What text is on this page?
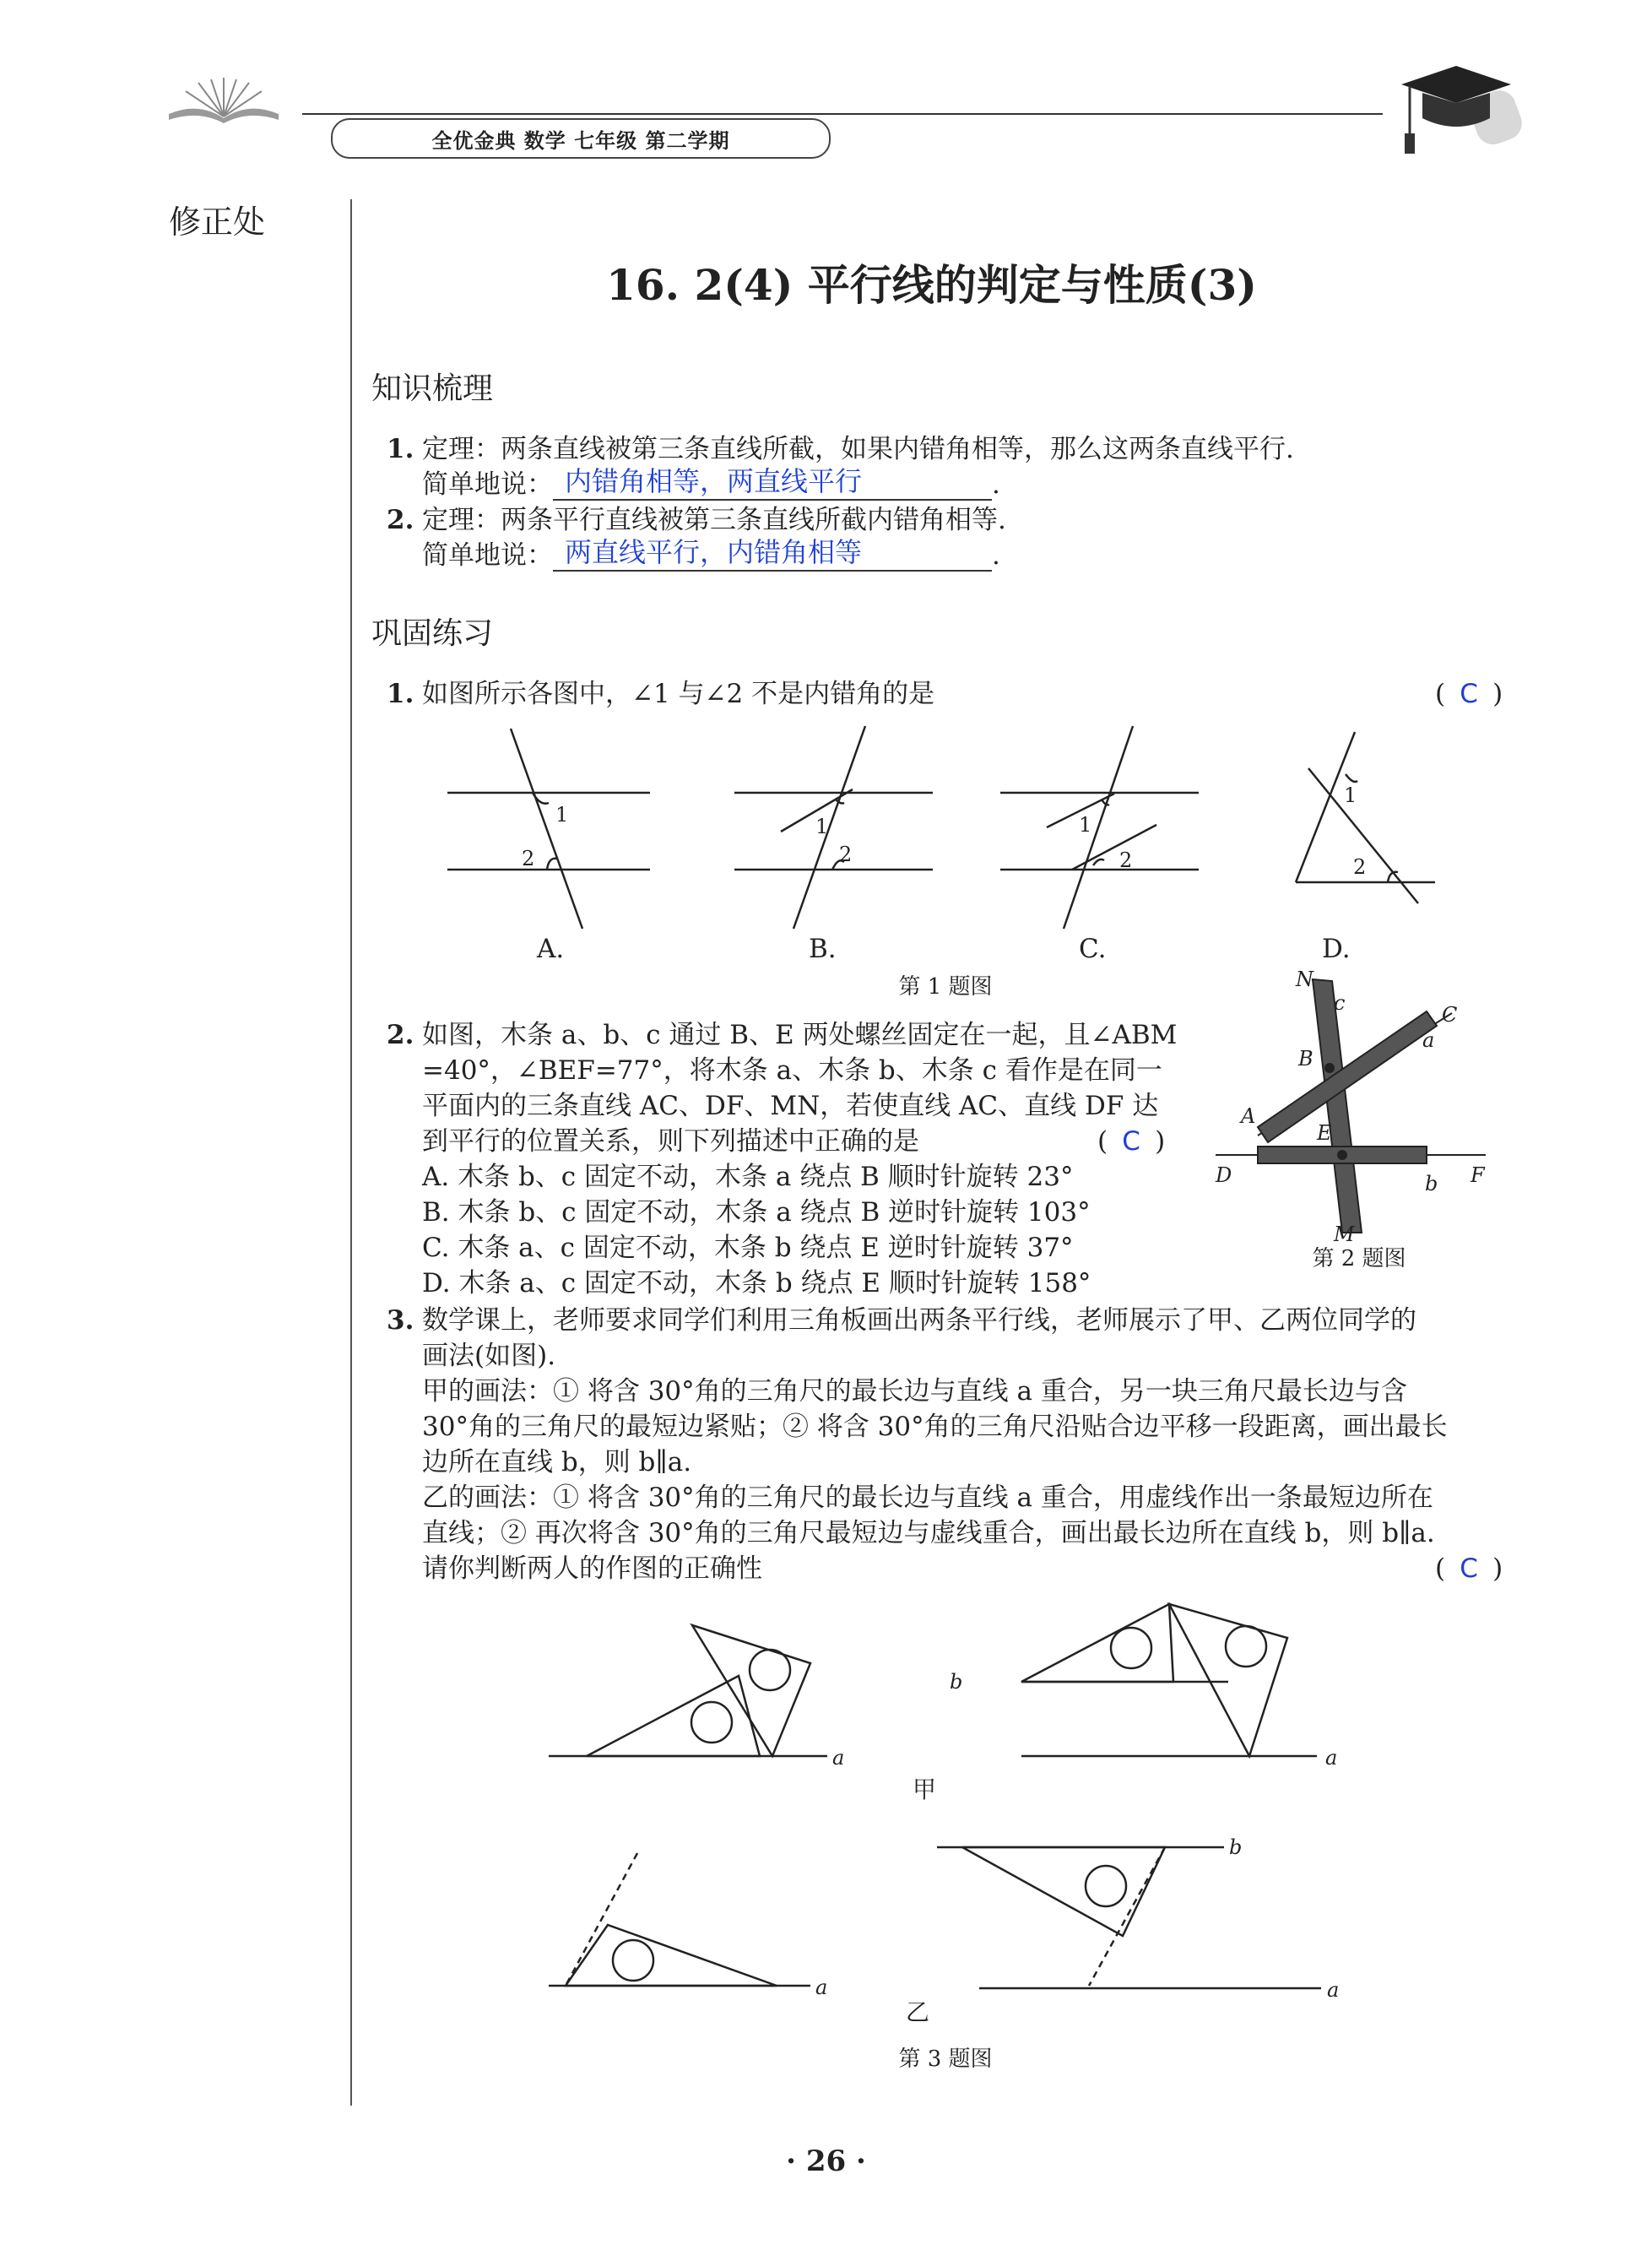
全优金典 数学 七年级 第二学期
修正处
16. 2(4) 平行线的判定与性质(3)
知识梳理
1. 定理：两条直线被第三条直线所截，如果内错角相等，那么这两条直线平行.
简单地说： 内错角相等，两直线平行	.
2. 定理：两条平行直线被第三条直线所截内错角相等.
简单地说： 两直线平行，内错角相等	.
巩固练习
1. 如图所示各图中，∠1 与∠2 不是内错角的是	( C )
1
2
1
2
1
2
1
2
A.	B.	C.	D.
第 1 题图
2. 如图，木条 a、b、c 通过 B、E 两处螺丝固定在一起，且∠ABM
=40°，∠BEF=77°，将木条 a、木条 b、木条 c 看作是在同一
平面内的三条直线 AC、DF、MN，若使直线 AC、直线 DF 达
到平行的位置关系，则下列描述中正确的是	( C )
A. 木条 b、c 固定不动，木条 a 绕点 B 顺时针旋转 23°
B. 木条 b、c 固定不动，木条 a 绕点 B 逆时针旋转 103°
C. 木条 a、c 固定不动，木条 b 绕点 E 逆时针旋转 37°
D. 木条 a、c 固定不动，木条 b 绕点 E 顺时针旋转 158°
N
c	C
B
a
A
E
D	F
b
M
第 2 题图
3. 数学课上，老师要求同学们利用三角板画出两条平行线，老师展示了甲、乙两位同学的
画法(如图).
甲的画法：① 将含 30°角的三角尺的最长边与直线 a 重合，另一块三角尺最长边与含
30°角的三角尺的最短边紧贴；② 将含 30°角的三角尺沿贴合边平移一段距离，画出最长
边所在直线 b，则 b∥a.
乙的画法：① 将含 30°角的三角尺的最长边与直线 a 重合，用虚线作出一条最短边所在
直线；② 再次将含 30°角的三角尺最短边与虚线重合，画出最长边所在直线 b，则 b∥a.
请你判断两人的作图的正确性	( C )
a
b
a
a
b
a
甲
乙
第 3 题图
· 26 ·
